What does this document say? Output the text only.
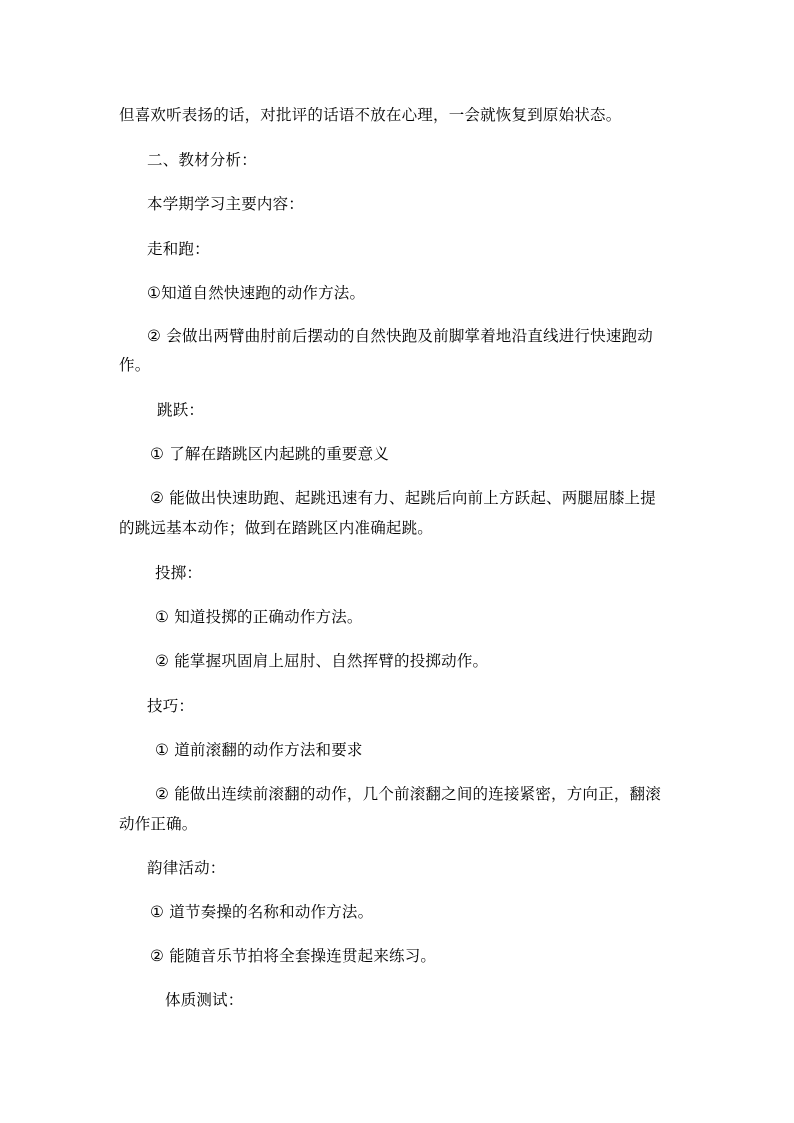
但喜欢听表扬的话，对批评的话语不放在心理，一会就恢复到原始状态。
二、教材分析：
本学期学习主要内容：
走和跑：
①知道自然快速跑的动作方法。
② 会做出两臂曲肘前后摆动的自然快跑及前脚掌着地沿直线进行快速跑动
作。
跳跃：
① 了解在踏跳区内起跳的重要意义
② 能做出快速助跑、起跳迅速有力、起跳后向前上方跃起、两腿屈膝上提
的跳远基本动作；做到在踏跳区内准确起跳。
投掷：
① 知道投掷的正确动作方法。
② 能掌握巩固肩上屈肘、自然挥臂的投掷动作。
技巧：
① 道前滚翻的动作方法和要求
② 能做出连续前滚翻的动作，几个前滚翻之间的连接紧密，方向正，翻滚
动作正确。
韵律活动：
① 道节奏操的名称和动作方法。
② 能随音乐节拍将全套操连贯起来练习。
体质测试：
